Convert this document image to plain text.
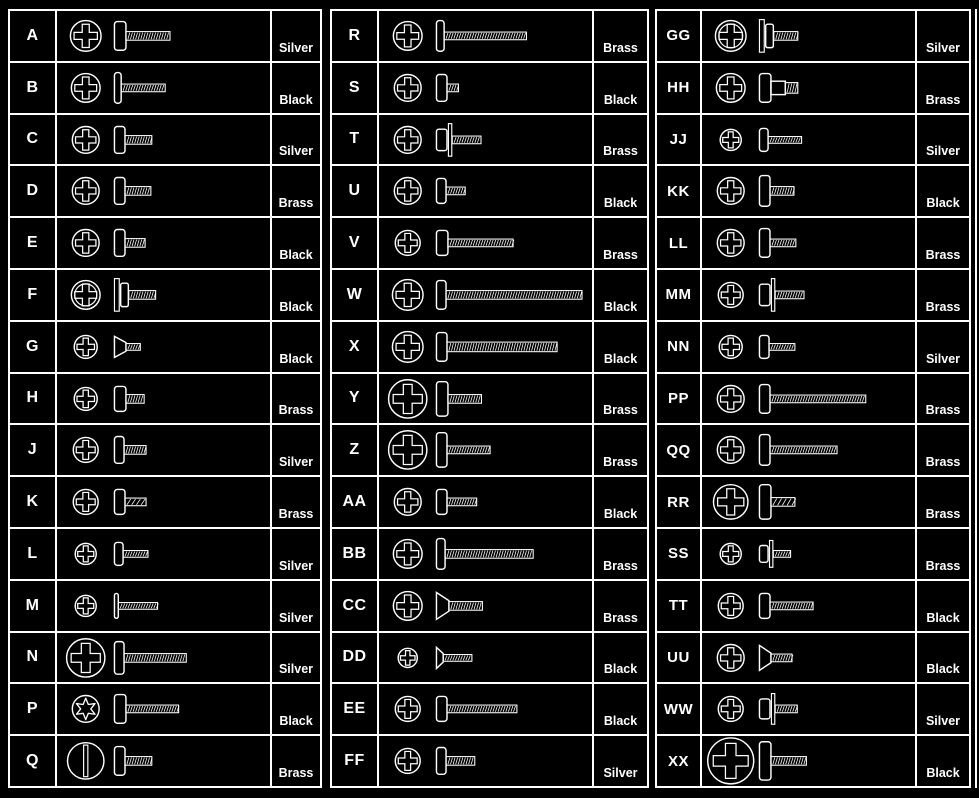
A
Silver
B
Black
C
Silver
D
Brass
E
Black
F
Black
G
Black
H
Brass
J
Silver
K
Brass
L
Silver
M
Silver
N
Silver
P
Black
Q
Brass
R
Brass
S
Black
T
Brass
U
Black
V
Brass
W
Black
X
Black
Y
Brass
Z
Brass
AA
Black
BB
Brass
CC
Brass
DD
Black
EE
Black
FF
Silver
GG
Silver
HH
Brass
JJ
Silver
KK
Black
LL
Brass
MM
Brass
NN
Silver
PP
Brass
QQ
Brass
RR
Brass
SS
Brass
TT
Black
UU
Black
WW
Silver
XX
Black
